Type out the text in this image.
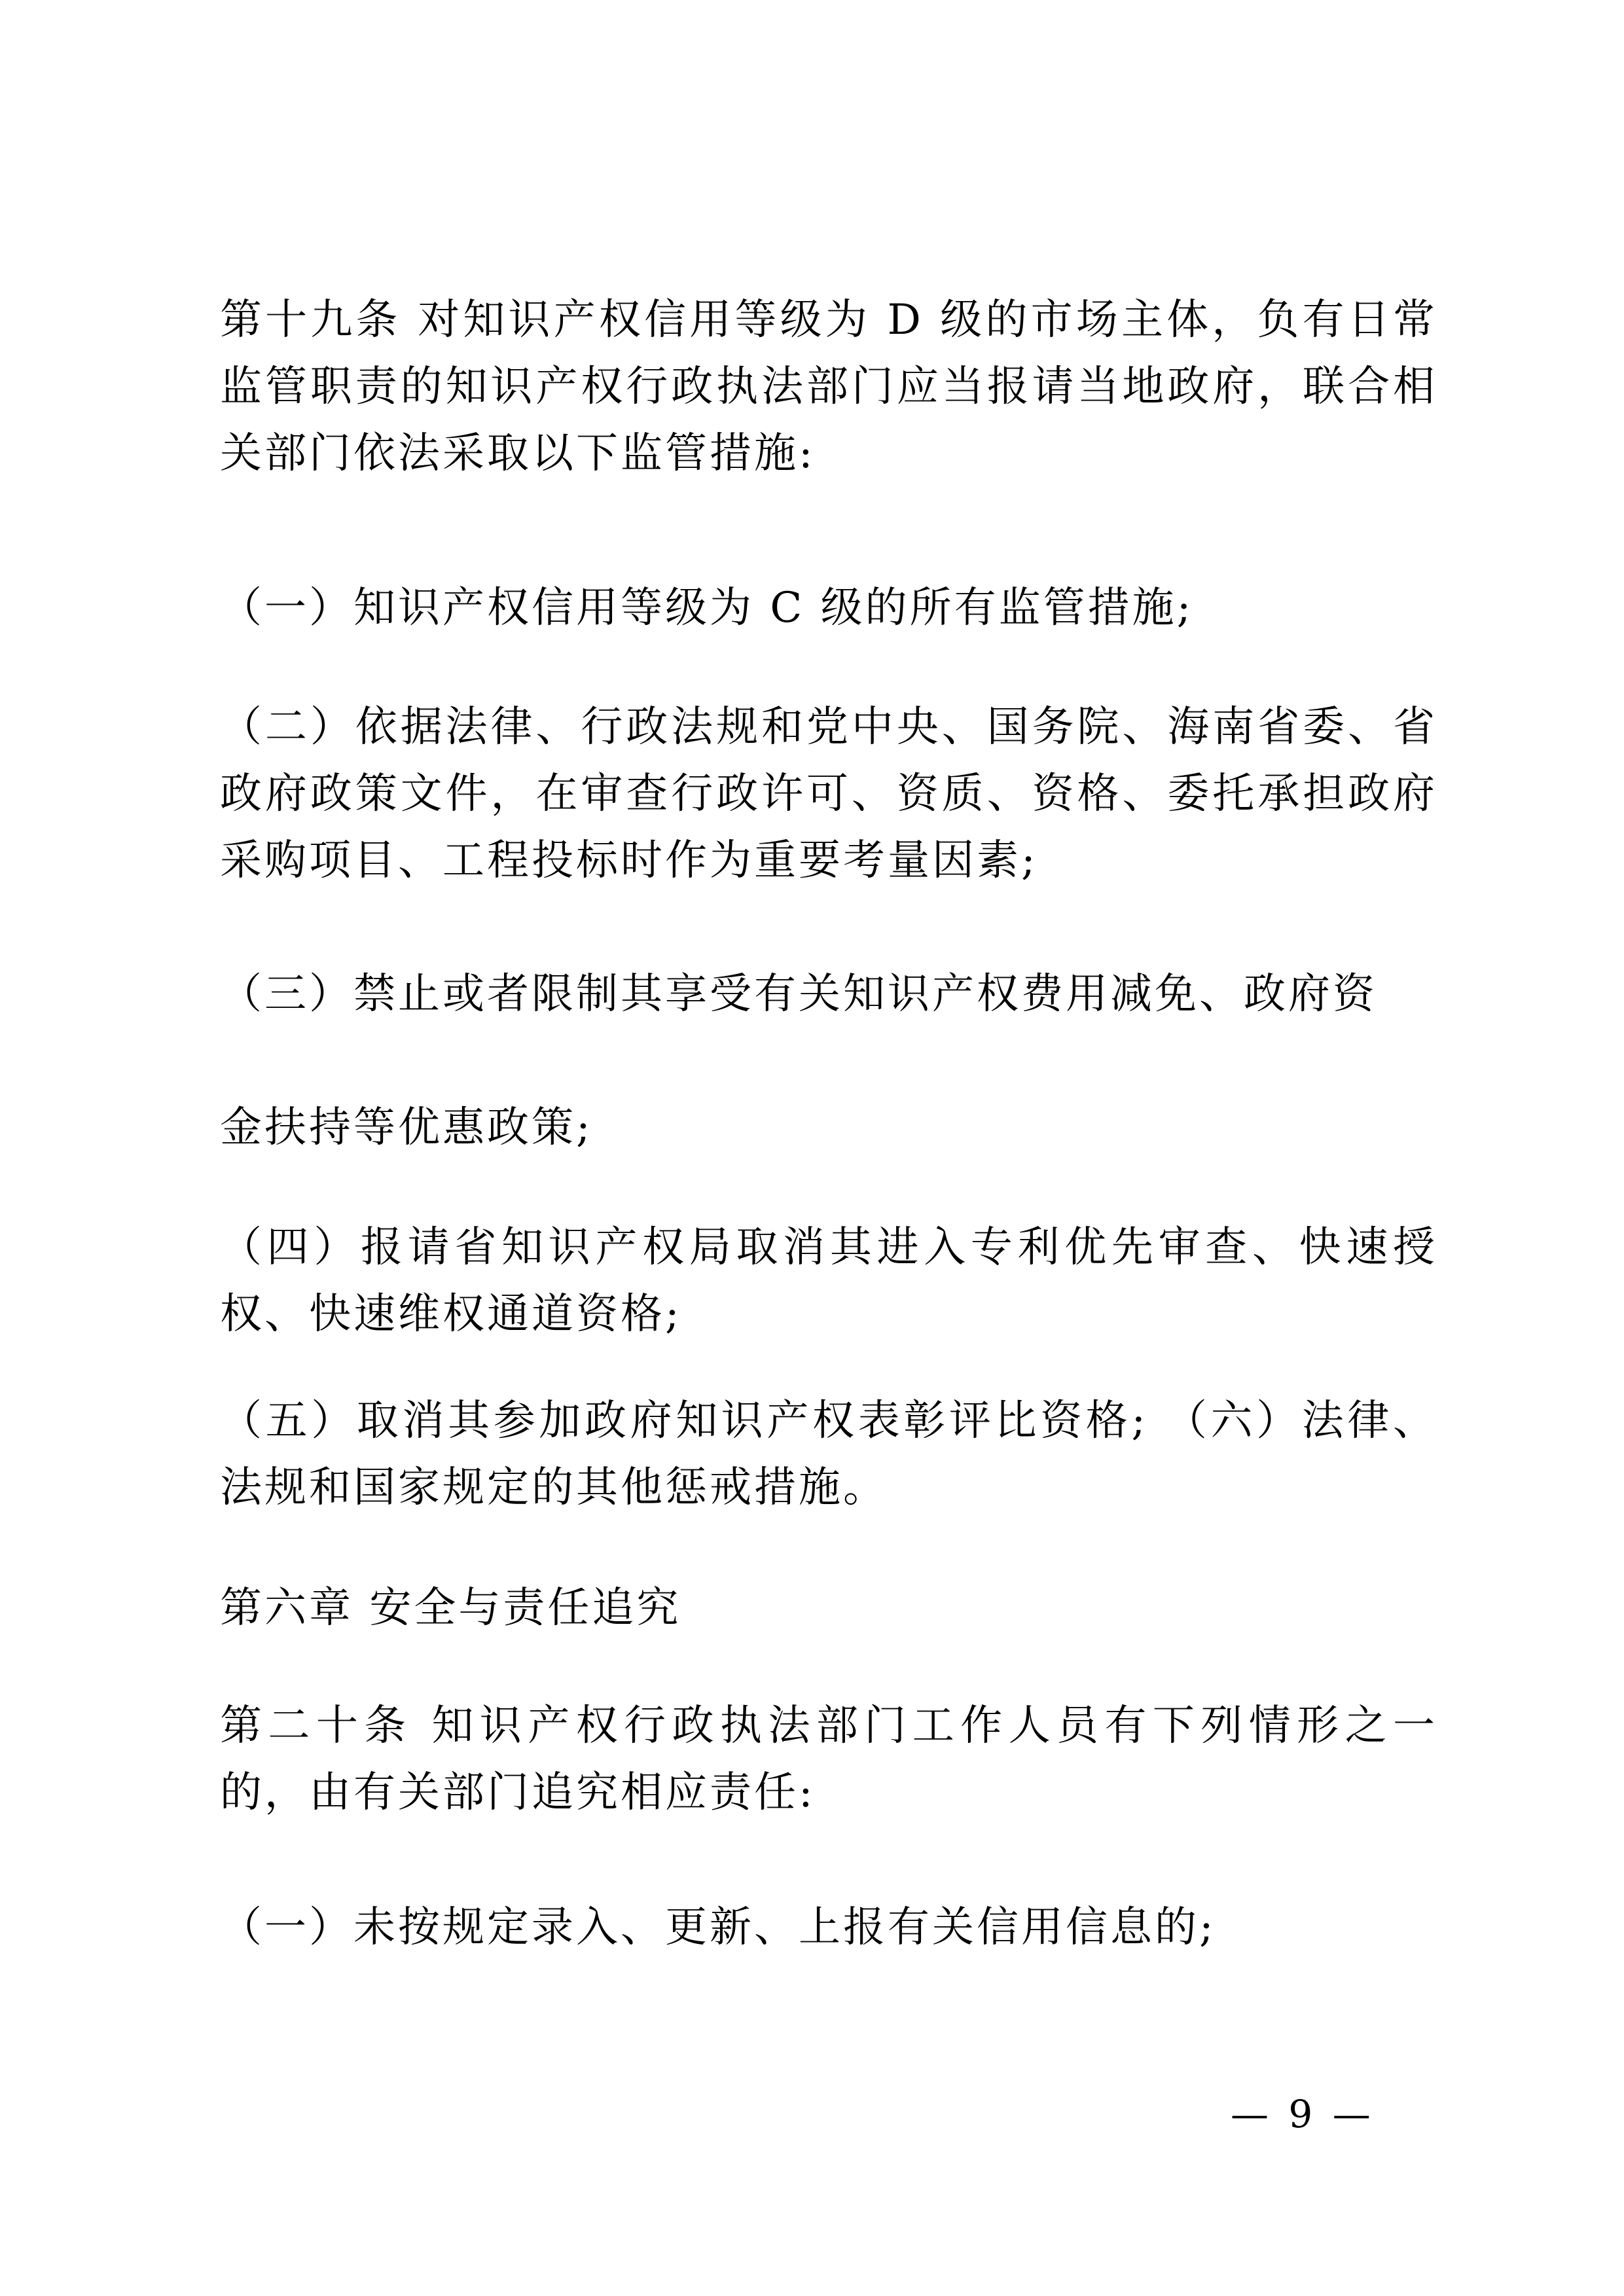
第十九条 对知识产权信用等级为 D 级的市场主体，负有日常监管职责的知识产权行政执法部门应当报请当地政府，联合相关部门依法采取以下监管措施:

（一）知识产权信用等级为 C 级的所有监管措施;

（二）依据法律、行政法规和党中央、国务院、海南省委、省政府政策文件，在审查行政许可、资质、资格、委托承担政府采购项目、工程投标时作为重要考量因素;

（三）禁止或者限制其享受有关知识产权费用减免、政府资

金扶持等优惠政策;

（四）报请省知识产权局取消其进入专利优先审查、快速授权、快速维权通道资格;

（五）取消其参加政府知识产权表彰评比资格; （六）法律、法规和国家规定的其他惩戒措施。

第六章 安全与责任追究

第二十条 知识产权行政执法部门工作人员有下列情形之一的，由有关部门追究相应责任:

（一）未按规定录入、更新、上报有关信用信息的;

— 9 —
